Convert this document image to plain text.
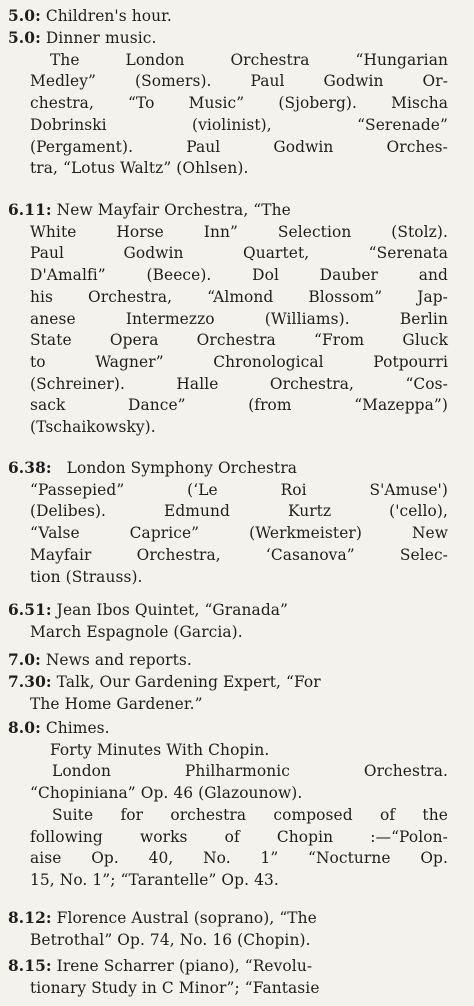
5.0: Children's hour.
5.0: Dinner music.
The	London	Orchestra	“Hungarian
Medley”	(Somers).	Paul	Godwin	Or-
chestra, “To Music” (Sjoberg). Mischa
Dobrinski	(violinist),	“Serenade”
(Pergament).	Paul	Godwin	Orches-
tra, “Lotus Waltz” (Ohlsen).
6.11: New Mayfair Orchestra, “The
White	Horse	Inn”	Selection	(Stolz).
Paul	Godwin	Quartet,	“Serenata
D'Amalfi”	(Beece).	Dol	Dauber	and
his Orchestra, “Almond Blossom” Jap-
anese	Intermezzo	(Williams).	Berlin
State Opera Orchestra “From Gluck
to	Wagner”	Chronological	Potpourri
(Schreiner).	Halle	Orchestra,	“Cos-
sack	Dance”	(from	“Mazeppa”)
(Tschaikowsky).
6.38: London Symphony Orchestra
“Passepied”	(‘Le	Roi	S'Amuse')
(Delibes).	Edmund	Kurtz	('cello),
“Valse	Caprice”	(Werkmeister)	New
Mayfair	Orchestra,	‘Casanova”	Selec-
tion (Strauss).
6.51: Jean Ibos Quintet, “Granada”
March Espagnole (Garcia).
7.0: News and reports.
7.30: Talk, Our Gardening Expert, “For
The Home Gardener.”
8.0: Chimes.
Forty Minutes With Chopin.
London	Philharmonic	Orchestra.
“Chopiniana” Op. 46 (Glazounow).
Suite for orchestra composed of the
following works of Chopin :—“Polon-
aise Op. 40, No. 1” “Nocturne Op.
15, No. 1”; “Tarantelle” Op. 43.
8.12: Florence Austral (soprano), “The
Betrothal” Op. 74, No. 16 (Chopin).
8.15: Irene Scharrer (piano), “Revolu-
tionary Study in C Minor”; “Fantasie
